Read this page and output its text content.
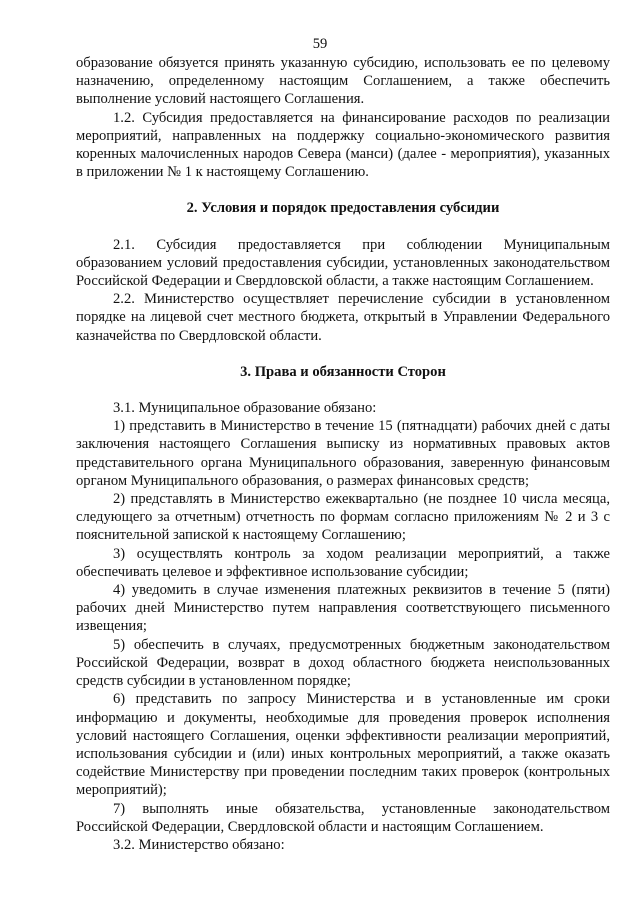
59

образование обязуется принять указанную субсидию, использовать ее по целевому назначению, определенному настоящим Соглашением, а также обеспечить выполнение условий настоящего Соглашения.

1.2. Субсидия предоставляется на финансирование расходов по реализации мероприятий, направленных на поддержку социально-экономического развития коренных малочисленных народов Севера (манси) (далее - мероприятия), указанных в приложении № 1 к настоящему Соглашению.

2. Условия и порядок предоставления субсидии

2.1. Субсидия предоставляется при соблюдении Муниципальным образованием условий предоставления субсидии, установленных законодательством Российской Федерации и Свердловской области, а также настоящим Соглашением.

2.2. Министерство осуществляет перечисление субсидии в установленном порядке на лицевой счет местного бюджета, открытый в Управлении Федерального казначейства по Свердловской области.

3. Права и обязанности Сторон

3.1. Муниципальное образование обязано:

1) представить в Министерство в течение 15 (пятнадцати) рабочих дней с даты заключения настоящего Соглашения выписку из нормативных правовых актов представительного органа Муниципального образования, заверенную финансовым органом Муниципального образования, о размерах финансовых средств;

2) представлять в Министерство ежеквартально (не позднее 10 числа месяца, следующего за отчетным) отчетность по формам согласно приложениям № 2 и 3 с пояснительной запиской к настоящему Соглашению;

3) осуществлять контроль за ходом реализации мероприятий, а также обеспечивать целевое и эффективное использование субсидии;

4) уведомить в случае изменения платежных реквизитов в течение 5 (пяти) рабочих дней Министерство путем направления соответствующего письменного извещения;

5) обеспечить в случаях, предусмотренных бюджетным законодательством Российской Федерации, возврат в доход областного бюджета неиспользованных средств субсидии в установленном порядке;

6) представить по запросу Министерства и в установленные им сроки информацию и документы, необходимые для проведения проверок исполнения условий настоящего Соглашения, оценки эффективности реализации мероприятий, использования субсидии и (или) иных контрольных мероприятий, а также оказать содействие Министерству при проведении последним таких проверок (контрольных мероприятий);

7) выполнять иные обязательства, установленные законодательством Российской Федерации, Свердловской области и настоящим Соглашением.

3.2. Министерство обязано:
